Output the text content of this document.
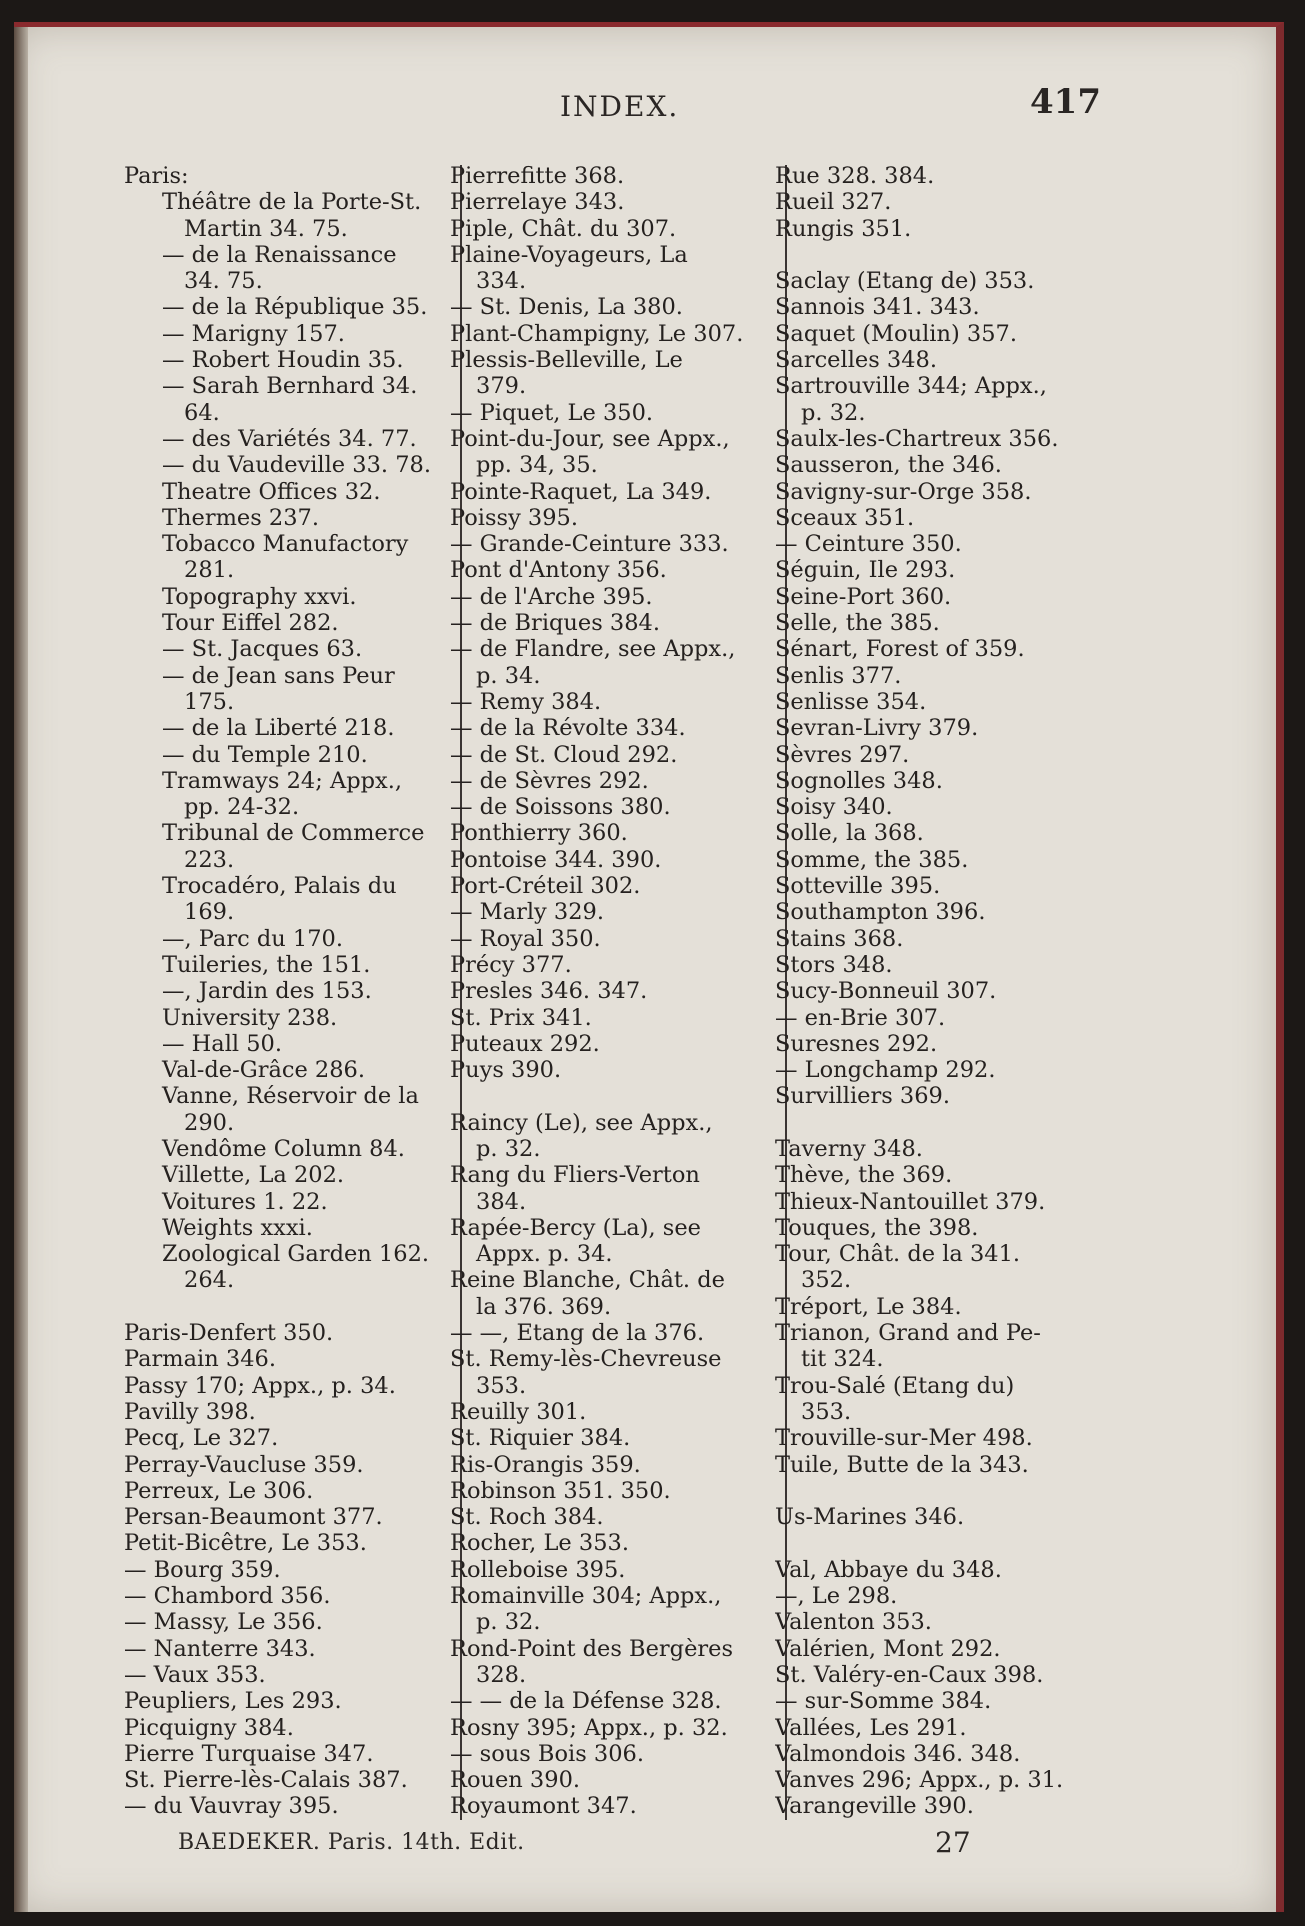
INDEX.	417
Paris:
Théâtre de la Porte-St.
Martin 34. 75.
— de la Renaissance
34. 75.
— de la République 35.
— Marigny 157.
— Robert Houdin 35.
— Sarah Bernhard 34.
64.
— des Variétés 34. 77.
— du Vaudeville 33. 78.
Theatre Offices 32.
Thermes 237.
Tobacco Manufactory
281.
Topography xxvi.
Tour Eiffel 282.
— St. Jacques 63.
— de Jean sans Peur
175.
— de la Liberté 218.
— du Temple 210.
Tramways 24; Appx.,
pp. 24-32.
Tribunal de Commerce
223.
Trocadéro, Palais du
169.
—, Parc du 170.
Tuileries, the 151.
—, Jardin des 153.
University 238.
— Hall 50.
Val-de-Grâce 286.
Vanne, Réservoir de la
290.
Vendôme Column 84.
Villette, La 202.
Voitures 1. 22.
Weights xxxi.
Zoological Garden 162.
264.
Paris-Denfert 350.
Parmain 346.
Passy 170; Appx., p. 34.
Pavilly 398.
Pecq, Le 327.
Perray-Vaucluse 359.
Perreux, Le 306.
Persan-Beaumont 377.
Petit-Bicêtre, Le 353.
— Bourg 359.
— Chambord 356.
— Massy, Le 356.
— Nanterre 343.
— Vaux 353.
Peupliers, Les 293.
Picquigny 384.
Pierre Turquaise 347.
St. Pierre-lès-Calais 387.
— du Vauvray 395.
Pierrefitte 368.
Pierrelaye 343.
Piple, Chât. du 307.
Plaine-Voyageurs, La
334.
— St. Denis, La 380.
Plant-Champigny, Le 307.
Plessis-Belleville, Le
379.
— Piquet, Le 350.
Point-du-Jour, see Appx.,
pp. 34, 35.
Pointe-Raquet, La 349.
Poissy 395.
— Grande-Ceinture 333.
Pont d'Antony 356.
— de l'Arche 395.
— de Briques 384.
— de Flandre, see Appx.,
p. 34.
— Remy 384.
— de la Révolte 334.
— de St. Cloud 292.
— de Sèvres 292.
— de Soissons 380.
Ponthierry 360.
Pontoise 344. 390.
Port-Créteil 302.
— Marly 329.
— Royal 350.
Précy 377.
Presles 346. 347.
St. Prix 341.
Puteaux 292.
Puys 390.
Raincy (Le), see Appx.,
p. 32.
Rang du Fliers-Verton
384.
Rapée-Bercy (La), see
Appx. p. 34.
Reine Blanche, Chât. de
la 376. 369.
— —, Etang de la 376.
St. Remy-lès-Chevreuse
353.
Reuilly 301.
St. Riquier 384.
Ris-Orangis 359.
Robinson 351. 350.
St. Roch 384.
Rocher, Le 353.
Rolleboise 395.
Romainville 304; Appx.,
p. 32.
Rond-Point des Bergères
328.
— — de la Défense 328.
Rosny 395; Appx., p. 32.
— sous Bois 306.
Rouen 390.
Royaumont 347.
Rue 328. 384.
Rueil 327.
Rungis 351.
Saclay (Etang de) 353.
Sannois 341. 343.
Saquet (Moulin) 357.
Sarcelles 348.
Sartrouville 344; Appx.,
p. 32.
Saulx-les-Chartreux 356.
Sausseron, the 346.
Savigny-sur-Orge 358.
Sceaux 351.
— Ceinture 350.
Séguin, Ile 293.
Seine-Port 360.
Selle, the 385.
Sénart, Forest of 359.
Senlis 377.
Senlisse 354.
Sevran-Livry 379.
Sèvres 297.
Sognolles 348.
Soisy 340.
Solle, la 368.
Somme, the 385.
Sotteville 395.
Southampton 396.
Stains 368.
Stors 348.
Sucy-Bonneuil 307.
— en-Brie 307.
Suresnes 292.
— Longchamp 292.
Survilliers 369.
Taverny 348.
Thève, the 369.
Thieux-Nantouillet 379.
Touques, the 398.
Tour, Chât. de la 341.
352.
Tréport, Le 384.
Trianon, Grand and Pe-
tit 324.
Trou-Salé (Etang du)
353.
Trouville-sur-Mer 498.
Tuile, Butte de la 343.
Us-Marines 346.
Val, Abbaye du 348.
—, Le 298.
Valenton 353.
Valérien, Mont 292.
St. Valéry-en-Caux 398.
— sur-Somme 384.
Vallées, Les 291.
Valmondois 346. 348.
Vanves 296; Appx., p. 31.
Varangeville 390.
BAEDEKER. Paris. 14th. Edit.	27
